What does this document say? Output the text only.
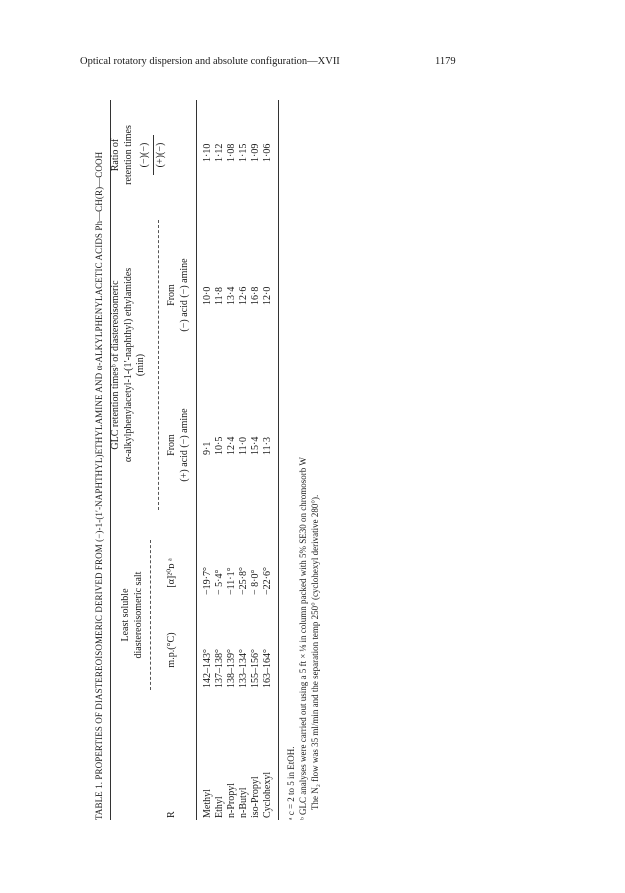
Optical rotatory dispersion and absolute configuration—XVII	1179
TABLE 1. PROPERTIES OF DIASTEREOISOMERIC DERIVED FROM (−)-1-(1′-NAPHTHYL)ETHYLAMINE AND α-ALKYLPHENYLACETIC ACIDS Ph—CH(R)—COOH Least soluble diastereoisomeric salt
GLC retention timesᵇ of diastereoisomeric α-alkylphenylacetyl-1-(1′-naphthyl) ethylamides (min)
Ratio of retention times (−)(−) (+)(−)
R
m.p.(°C)
[α]²⁰ᴅ ᵃ
From (+) acid (−) amine
From (−) acid (−) amine
Methyl
142–143°
−19·7°
9·1
10·0
1·10
Ethyl
137–138°
− 5·4°
10·5
11·8
1·12
n-Propyl
138–139°
−11·1°
12·4
13·4
1·08
n-Butyl
133–134°
−25·8°
11·0
12·6
1·15
iso-Propyl
155–156°
− 8·0°
15·4
16·8
1·09
Cyclohexyl
163–164°
−22·6°
11·3
12·0
1·06
ᵃ c = 2 to 5 in EtOH. ᵇ GLC analyses were carried out using a 5 ft × ⅛ in column packed with 5% SE30 on chromosorb W The N₂ flow was 35 ml/min and the separation temp 250° (cyclohexyl derivative 280°).
